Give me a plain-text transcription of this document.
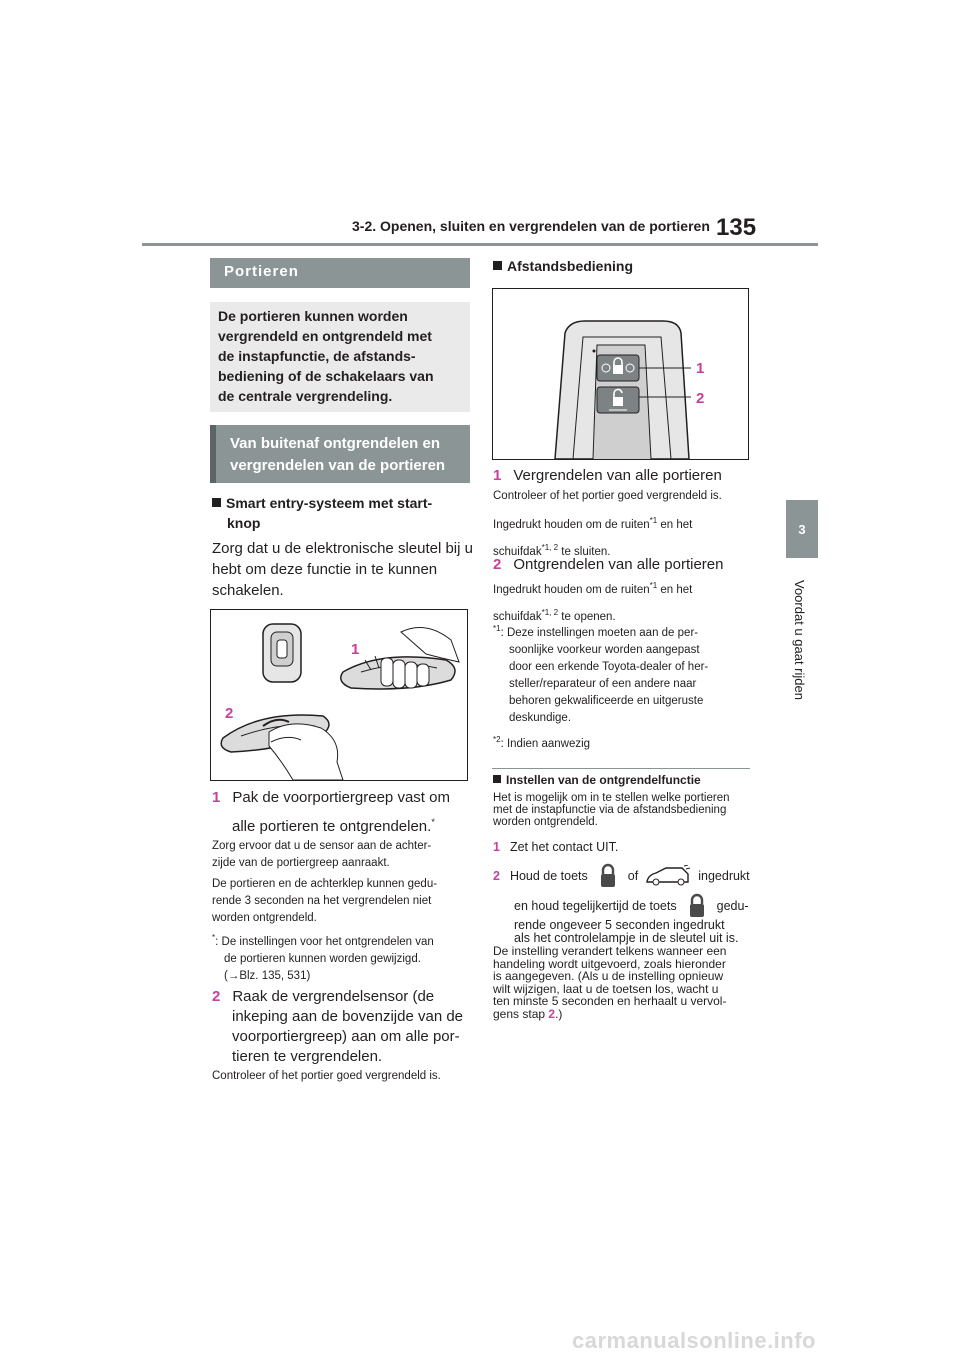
3-2. Openen, sluiten en vergrendelen van de portieren 135
3
Voordat u gaat rijden
Portieren
De portieren kunnen worden
vergrendeld en ontgrendeld met
de instapfunctie, de afstands-
bediening of de schakelaars van
de centrale vergrendeling.
Van buitenaf ontgrendelen en
vergrendelen van de portieren
Smart entry-systeem met start-
knop
Zorg dat u de elektronische sleutel bij u
hebt om deze functie in te kunnen
schakelen.
1
2
1 Pak de voorportiergreep vast om
alle portieren te ontgrendelen.*
Zorg ervoor dat u de sensor aan de achter-
zijde van de portiergreep aanraakt.
De portieren en de achterklep kunnen gedu-
rende 3 seconden na het vergrendelen niet
worden ontgrendeld.
*: De instellingen voor het ontgrendelen van
de portieren kunnen worden gewijzigd.
(→Blz. 135, 531)
2 Raak de vergrendelsensor (de
inkeping aan de bovenzijde van de
voorportiergreep) aan om alle por-
tieren te vergrendelen.
Controleer of het portier goed vergrendeld is.
Afstandsbediening
1
2
1 Vergrendelen van alle portieren
Controleer of het portier goed vergrendeld is.
Ingedrukt houden om de ruiten$^{*1}$ en het
schuifdak$^{*1, 2}$ te sluiten.
2 Ontgrendelen van alle portieren
Ingedrukt houden om de ruiten$^{*1}$ en het
schuifdak$^{*1, 2}$ te openen.
$^{*1}$: Deze instellingen moeten aan de per-
soonlijke voorkeur worden aangepast
door een erkende Toyota-dealer of her-
steller/reparateur of een andere naar
behoren gekwalificeerde en uitgeruste
deskundige.
$^{*2}$: Indien aanwezig
Instellen van de ontgrendelfunctie
Het is mogelijk om in te stellen welke portieren
met de instapfunctie via de afstandsbediening
worden ontgrendeld.
1 Zet het contact UIT.
2 Houd de toets	of	ingedrukt
en houd tegelijkertijd de toets	gedu-
rende ongeveer 5 seconden ingedrukt
als het controlelampje in de sleutel uit is.
De instelling verandert telkens wanneer een
handeling wordt uitgevoerd, zoals hieronder
is aangegeven. (Als u de instelling opnieuw
wilt wijzigen, laat u de toetsen los, wacht u
ten minste 5 seconden en herhaalt u vervol-
gens stap 2.)
carmanualsonline.info
